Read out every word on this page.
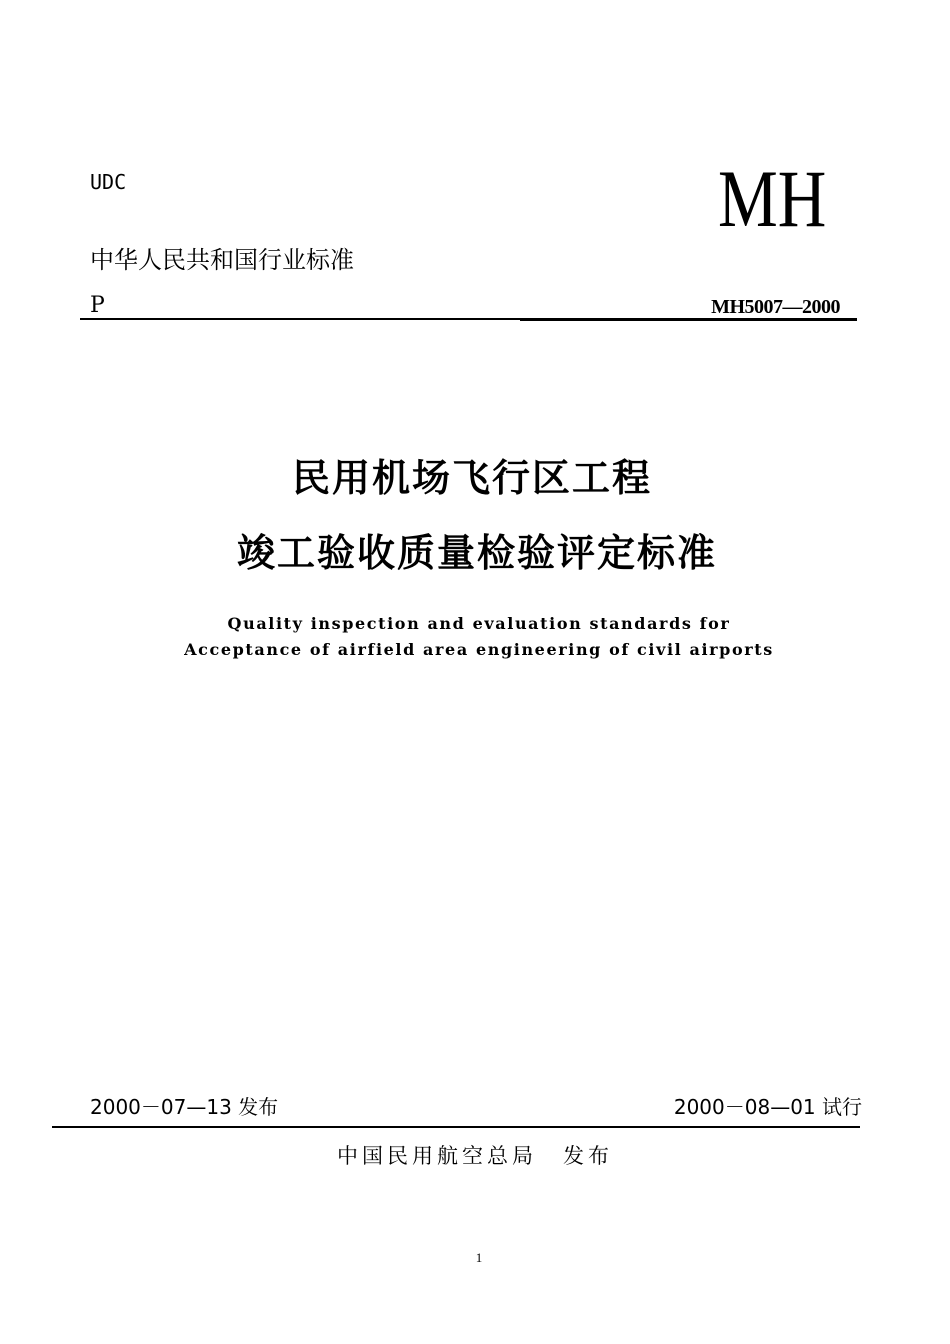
UDC
中华人民共和国行业标准
MH
P	MH5007—2000
民用机场飞行区工程
竣工验收质量检验评定标准
Quality inspection and evaluation standards for
Acceptance of airfield area engineering of civil airports
2000－07—13 发布	2000－08—01 试行
中国民用航空总局 发布
1
